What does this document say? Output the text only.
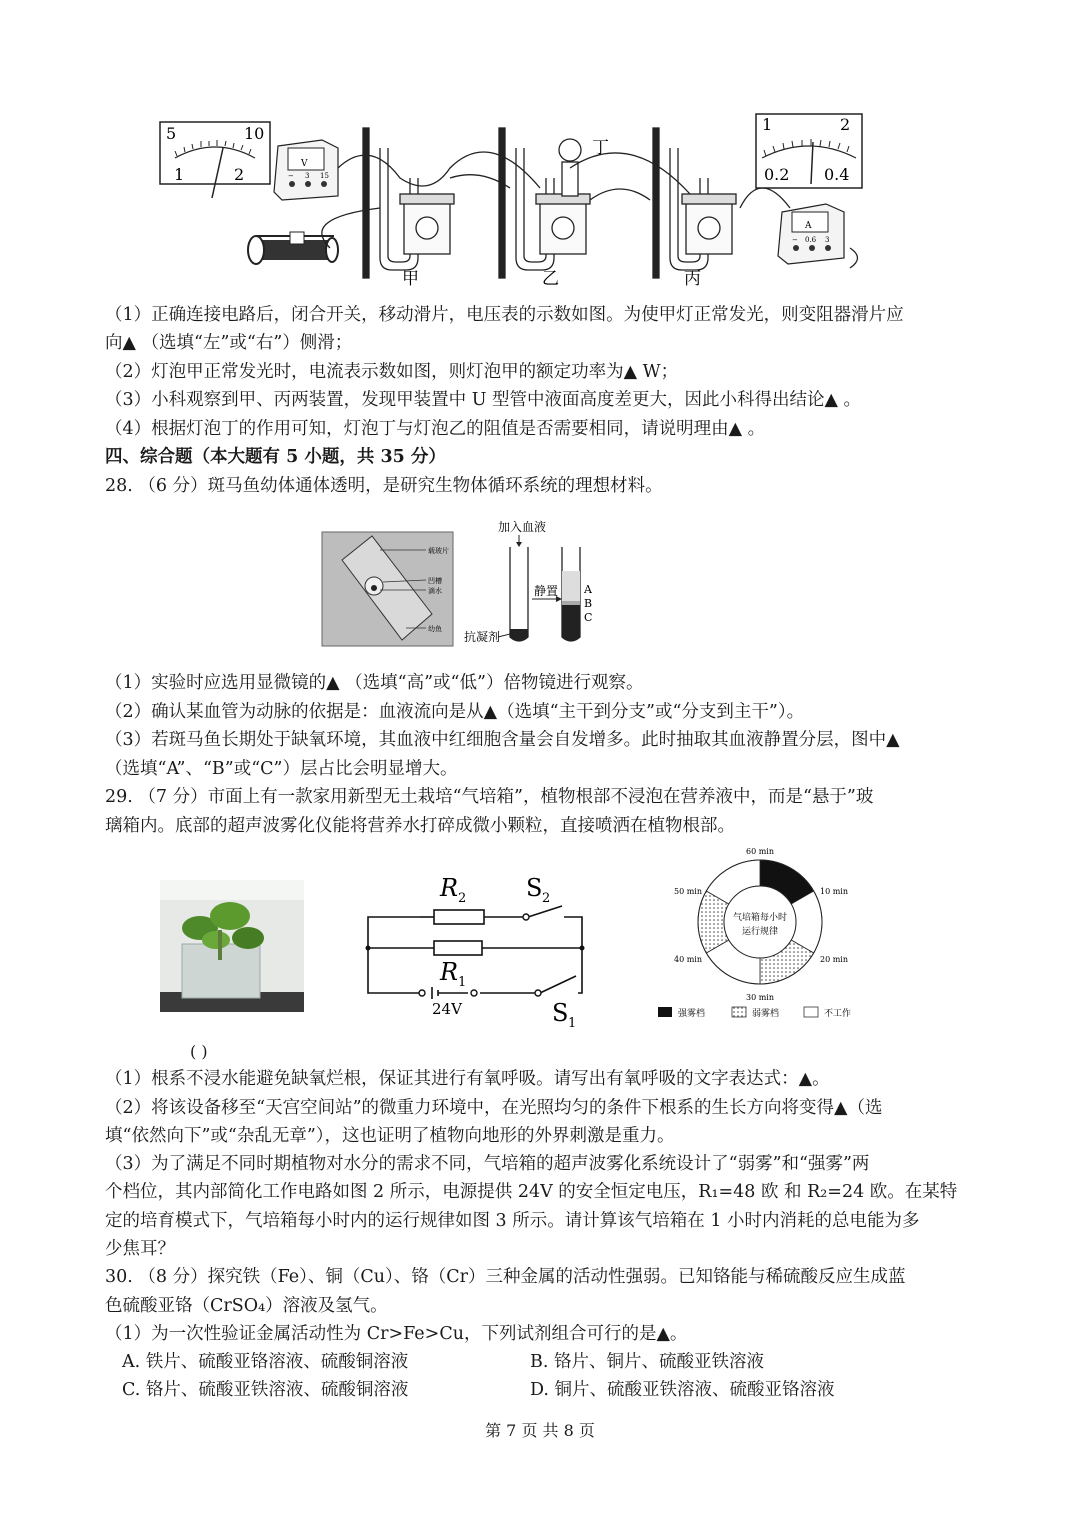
5	10
1	2
V
− 3 15
甲	乙	丙
丁
1	2
0.2 0.4
A
− 0.6 3
（1）正确连接电路后，闭合开关，移动滑片，电压表的示数如图。为使甲灯正常发光，则变阻器滑片应
向▲ （选填“左”或“右”）侧滑；
（2）灯泡甲正常发光时，电流表示数如图，则灯泡甲的额定功率为▲ W；
（3）小科观察到甲、丙两装置，发现甲装置中 U 型管中液面高度差更大，因此小科得出结论▲ 。
（4）根据灯泡丁的作用可知，灯泡丁与灯泡乙的阻值是否需要相同，请说明理由▲ 。
四、综合题（本大题有 5 小题，共 35 分）
28. （6 分）斑马鱼幼体通体透明，是研究生物体循环系统的理想材料。
载玻片
凹槽
滴水
幼鱼
加入血液
静置 A
B
C
抗凝剂
（1）实验时应选用显微镜的▲ （选填“高”或“低”）倍物镜进行观察。
（2）确认某血管为动脉的依据是：血液流向是从▲（选填“主干到分支”或“分支到主干”）。
（3）若斑马鱼长期处于缺氧环境，其血液中红细胞含量会自发增多。此时抽取其血液静置分层，图中▲
（选填“A”、“B”或“C”）层占比会明显增大。
29. （7 分）市面上有一款家用新型无土栽培“气培箱”，植物根部不浸泡在营养液中，而是“悬于”玻
璃箱内。底部的超声波雾化仪能将营养水打碎成微小颗粒，直接喷洒在植物根部。
( )
R 2 S 2
R 1
24V	S 1
气培箱每小时
运行规律
60 min
10 min
20 min
30 min
40 min
50 min
强雾档	弱雾档	不工作
（1）根系不浸水能避免缺氧烂根，保证其进行有氧呼吸。请写出有氧呼吸的文字表达式：▲。
（2）将该设备移至“天宫空间站”的微重力环境中，在光照均匀的条件下根系的生长方向将变得▲（选
填“依然向下”或“杂乱无章”），这也证明了植物向地形的外界刺激是重力。
（3）为了满足不同时期植物对水分的需求不同，气培箱的超声波雾化系统设计了“弱雾”和“强雾”两
个档位，其内部简化工作电路如图 2 所示，电源提供 24V 的安全恒定电压，R₁=48 欧 和 R₂=24 欧。在某特
定的培育模式下，气培箱每小时内的运行规律如图 3 所示。请计算该气培箱在 1 小时内消耗的总电能为多
少焦耳？
30. （8 分）探究铁（Fe）、铜（Cu）、铬（Cr）三种金属的活动性强弱。已知铬能与稀硫酸反应生成蓝
色硫酸亚铬（CrSO₄）溶液及氢气。
（1）为一次性验证金属活动性为 Cr>Fe>Cu，下列试剂组合可行的是▲。
A. 铁片、硫酸亚铬溶液、硫酸铜溶液	B. 铬片、铜片、硫酸亚铁溶液
C. 铬片、硫酸亚铁溶液、硫酸铜溶液	D. 铜片、硫酸亚铁溶液、硫酸亚铬溶液
第 7 页 共 8 页
